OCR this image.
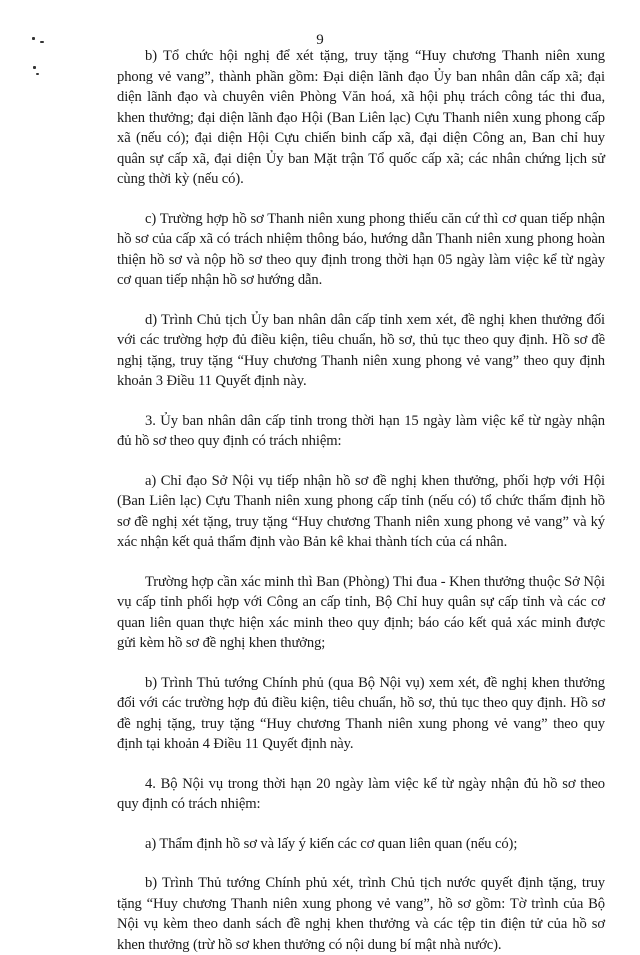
9

b) Tổ chức hội nghị để xét tặng, truy tặng “Huy chương Thanh niên xung phong vẻ vang”, thành phần gồm: Đại diện lãnh đạo Ủy ban nhân dân cấp xã; đại diện lãnh đạo và chuyên viên Phòng Văn hoá, xã hội phụ trách công tác thi đua, khen thưởng; đại diện lãnh đạo Hội (Ban Liên lạc) Cựu Thanh niên xung phong cấp xã (nếu có); đại diện Hội Cựu chiến binh cấp xã, đại diện Công an, Ban chỉ huy quân sự cấp xã, đại diện Ủy ban Mặt trận Tổ quốc cấp xã; các nhân chứng lịch sử cùng thời kỳ (nếu có).

c) Trường hợp hồ sơ Thanh niên xung phong thiếu căn cứ thì cơ quan tiếp nhận hồ sơ của cấp xã có trách nhiệm thông báo, hướng dẫn Thanh niên xung phong hoàn thiện hồ sơ và nộp hồ sơ theo quy định trong thời hạn 05 ngày làm việc kể từ ngày cơ quan tiếp nhận hồ sơ hướng dẫn.

d) Trình Chủ tịch Ủy ban nhân dân cấp tỉnh xem xét, đề nghị khen thưởng đối với các trường hợp đủ điều kiện, tiêu chuẩn, hồ sơ, thủ tục theo quy định. Hồ sơ đề nghị tặng, truy tặng “Huy chương Thanh niên xung phong vẻ vang” theo quy định khoản 3 Điều 11 Quyết định này.

3. Ủy ban nhân dân cấp tỉnh trong thời hạn 15 ngày làm việc kể từ ngày nhận đủ hồ sơ theo quy định có trách nhiệm:

a) Chỉ đạo Sở Nội vụ tiếp nhận hồ sơ đề nghị khen thưởng, phối hợp với Hội (Ban Liên lạc) Cựu Thanh niên xung phong cấp tỉnh (nếu có) tổ chức thẩm định hồ sơ đề nghị xét tặng, truy tặng “Huy chương Thanh niên xung phong vẻ vang” và ký xác nhận kết quả thẩm định vào Bản kê khai thành tích của cá nhân.

Trường hợp cần xác minh thì Ban (Phòng) Thi đua - Khen thưởng thuộc Sở Nội vụ cấp tỉnh phối hợp với Công an cấp tỉnh, Bộ Chỉ huy quân sự cấp tỉnh và các cơ quan liên quan thực hiện xác minh theo quy định; báo cáo kết quả xác minh được gửi kèm hồ sơ đề nghị khen thưởng;

b) Trình Thủ tướng Chính phủ (qua Bộ Nội vụ) xem xét, đề nghị khen thưởng đối với các trường hợp đủ điều kiện, tiêu chuẩn, hồ sơ, thủ tục theo quy định. Hồ sơ đề nghị tặng, truy tặng “Huy chương Thanh niên xung phong vẻ vang” theo quy định tại khoản 4 Điều 11 Quyết định này.

4. Bộ Nội vụ trong thời hạn 20 ngày làm việc kể từ ngày nhận đủ hồ sơ theo quy định có trách nhiệm:

a) Thẩm định hồ sơ và lấy ý kiến các cơ quan liên quan (nếu có);

b) Trình Thủ tướng Chính phủ xét, trình Chủ tịch nước quyết định tặng, truy tặng “Huy chương Thanh niên xung phong vẻ vang”, hồ sơ gồm: Tờ trình của Bộ Nội vụ kèm theo danh sách đề nghị khen thưởng và các tệp tin điện tử của hồ sơ khen thưởng (trừ hồ sơ khen thưởng có nội dung bí mật nhà nước).
